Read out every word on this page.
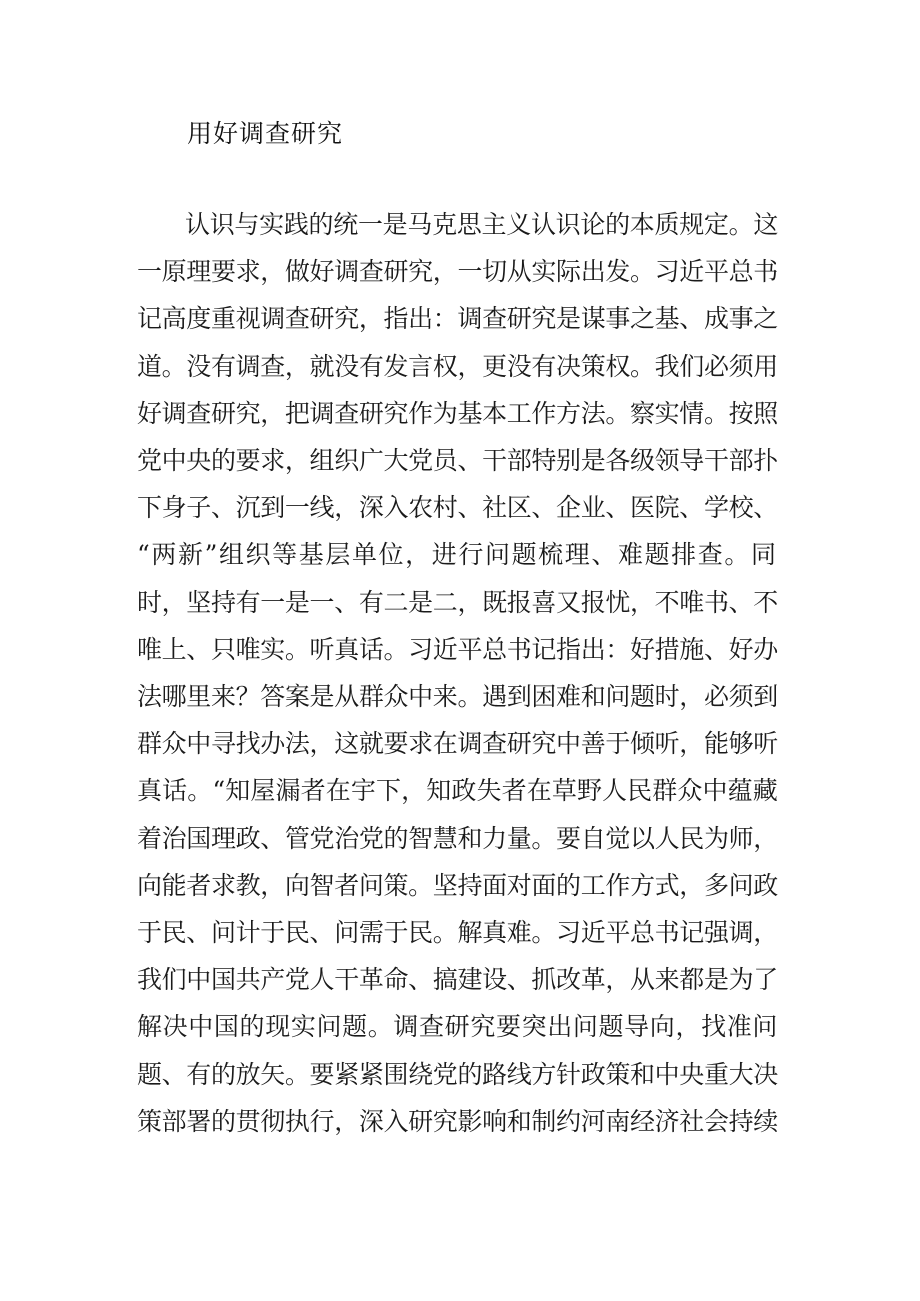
用好调查研究
认识与实践的统一是马克思主义认识论的本质规定。这
一原理要求，做好调查研究，一切从实际出发。习近平总书
记高度重视调查研究，指出：调查研究是谋事之基、成事之
道。没有调查，就没有发言权，更没有决策权。我们必须用
好调查研究，把调查研究作为基本工作方法。察实情。按照
党中央的要求，组织广大党员、干部特别是各级领导干部扑
下身子、沉到一线，深入农村、社区、企业、医院、学校、
“两新”组织等基层单位，进行问题梳理、难题排查。同
时，坚持有一是一、有二是二，既报喜又报忧，不唯书、不
唯上、只唯实。听真话。习近平总书记指出：好措施、好办
法哪里来？答案是从群众中来。遇到困难和问题时，必须到
群众中寻找办法，这就要求在调查研究中善于倾听，能够听
真话。“知屋漏者在宇下，知政失者在草野人民群众中蕴藏
着治国理政、管党治党的智慧和力量。要自觉以人民为师，
向能者求教，向智者问策。坚持面对面的工作方式，多问政
于民、问计于民、问需于民。解真难。习近平总书记强调，
我们中国共产党人干革命、搞建设、抓改革，从来都是为了
解决中国的现实问题。调查研究要突出问题导向，找准问
题、有的放矢。要紧紧围绕党的路线方针政策和中央重大决
策部署的贯彻执行，深入研究影响和制约河南经济社会持续
